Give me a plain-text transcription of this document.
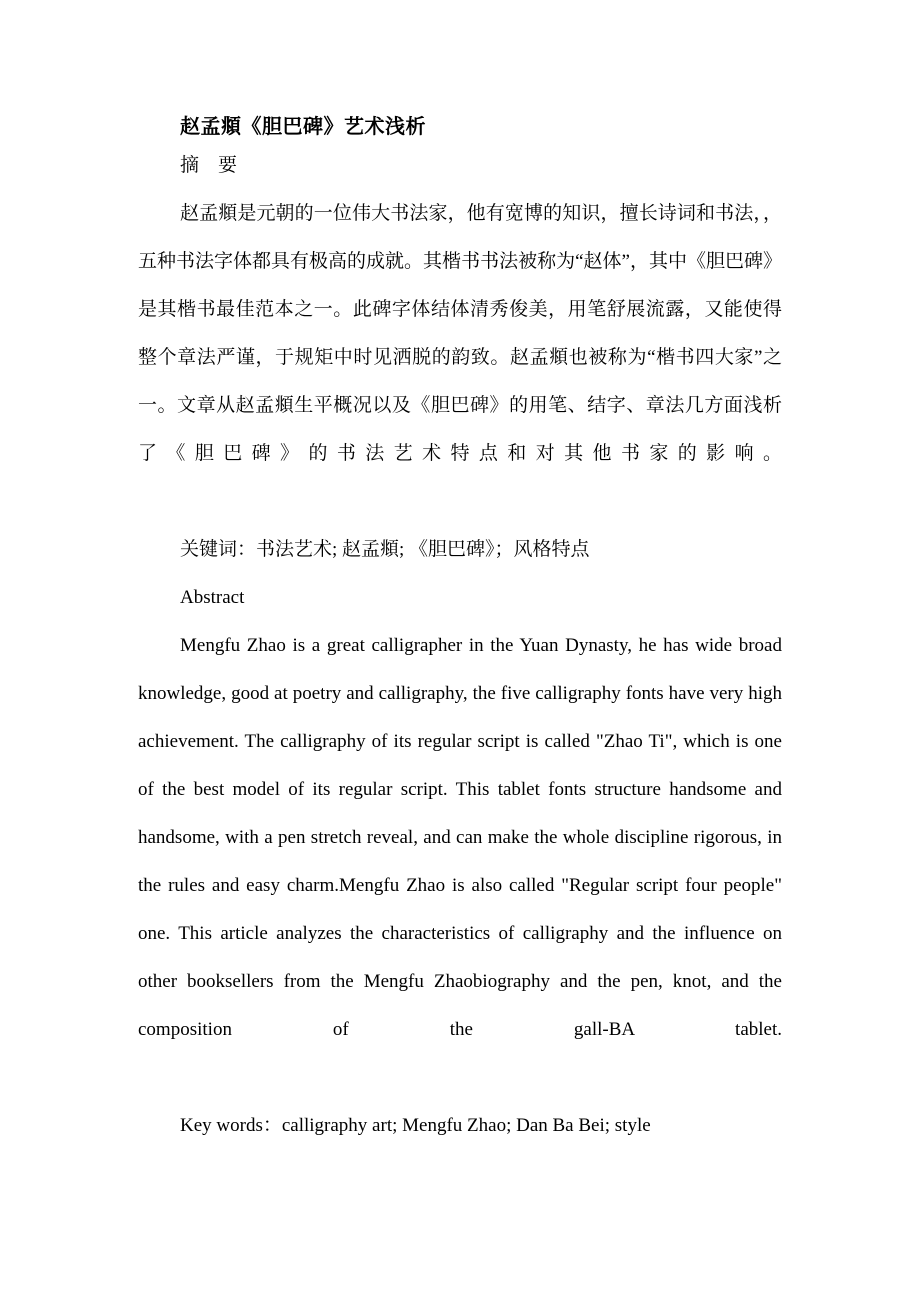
赵孟頫《胆巴碑》艺术浅析
摘　要

赵孟頫是元朝的一位伟大书法家，他有宽博的知识，擅长诗词和书法，，五种书法字体都具有极高的成就。其楷书书法被称为“赵体”，其中《胆巴碑》是其楷书最佳范本之一。此碑字体结体清秀俊美，用笔舒展流露，又能使得整个章法严谨，于规矩中时见洒脱的韵致。赵孟頫也被称为“楷书四大家”之一。文章从赵孟頫生平概况以及《胆巴碑》的用笔、结字、章法几方面浅析了《胆巴碑》的书法艺术特点和对其他书家的影响。

关键词：书法艺术; 赵孟頫; 《胆巴碑》；风格特点
Abstract

Mengfu Zhao is a great calligrapher in the Yuan Dynasty, he has wide broad knowledge, good at poetry and calligraphy, the five calligraphy fonts have very high achievement. The calligraphy of its regular script is called "Zhao Ti", which is one of the best model of its regular script. This tablet fonts structure handsome and handsome, with a pen stretch reveal, and can make the whole discipline rigorous, in the rules and easy charm.Mengfu Zhao is also called "Regular script four people" one. This article analyzes the characteristics of calligraphy and the influence on other booksellers from the Mengfu Zhaobiography and the pen, knot, and the composition of the gall-BA tablet.

Key words：calligraphy art; Mengfu Zhao; Dan Ba Bei; style
